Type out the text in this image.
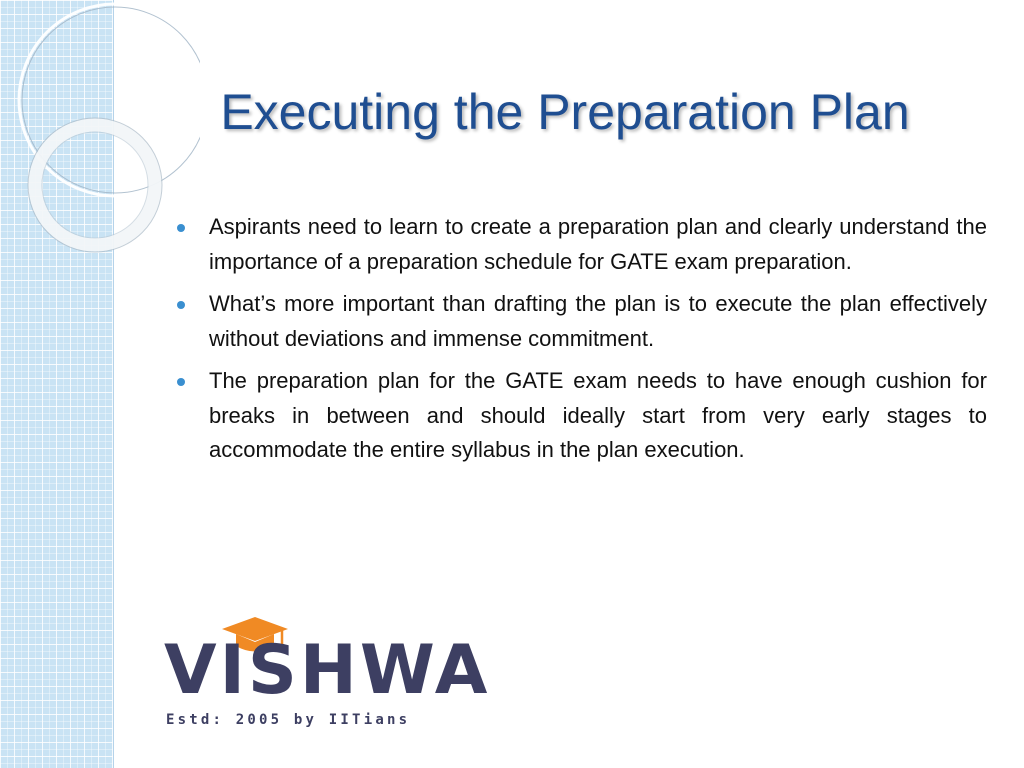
Executing the Preparation Plan
Aspirants need to learn to create a preparation plan and clearly understand the importance of a preparation schedule for GATE exam preparation.
What’s more important than drafting the plan is to execute the plan effectively without deviations and immense commitment.
The preparation plan for the GATE exam needs to have enough cushion for breaks in between and should ideally start from very early stages to accommodate the entire syllabus in the plan execution.
VISHWA
Estd: 2005 by IITians
